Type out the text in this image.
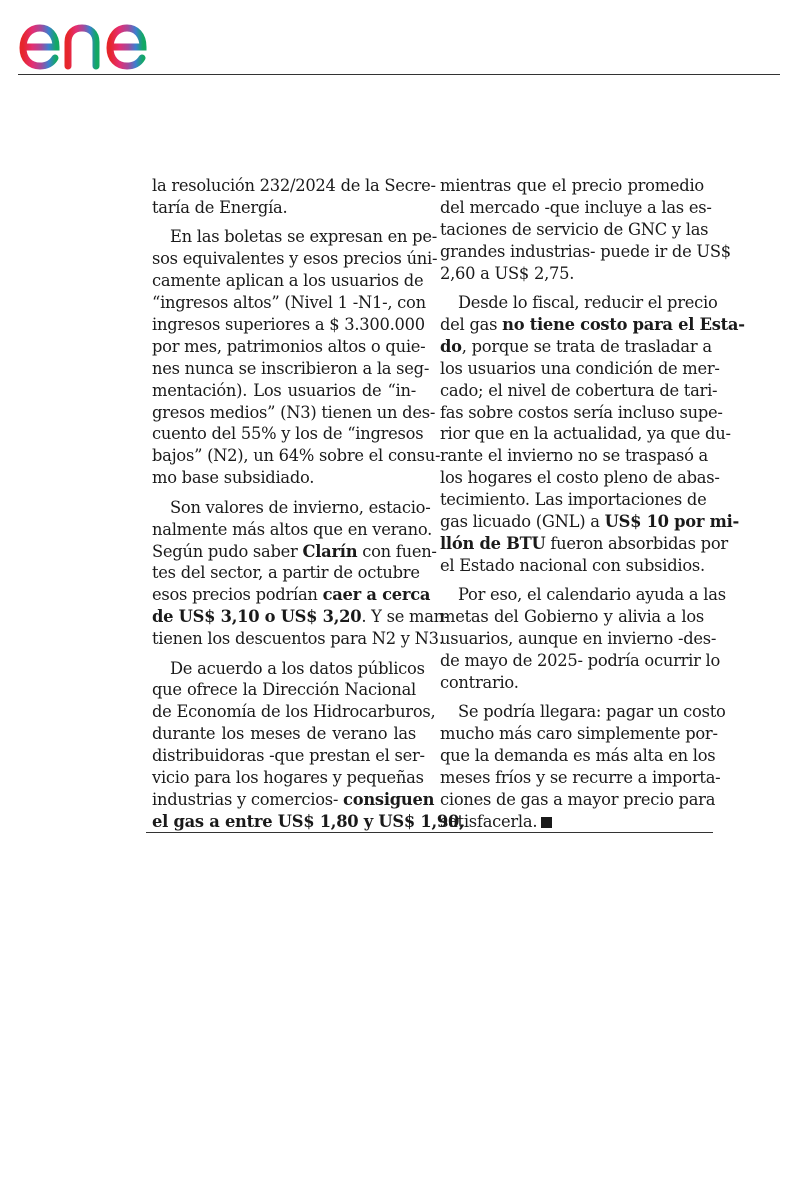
la resolución 232/2024 de la Secre-
taría de Energía.
En las boletas se expresan en pe-
sos equivalentes y esos precios úni-
camente aplican a los usuarios de
“ingresos altos” (Nivel 1 -N1-, con
ingresos superiores a $ 3.300.000
por mes, patrimonios altos o quie-
nes nunca se inscribieron a la seg-
mentación). Los usuarios de “in-
gresos medios” (N3) tienen un des-
cuento del 55% y los de “ingresos
bajos” (N2), un 64% sobre el consu-
mo base subsidiado.
Son valores de invierno, estacio-
nalmente más altos que en verano.
Según pudo saber Clarín con fuen-
tes del sector, a partir de octubre
esos precios podrían caer a cerca
de US$ 3,10 o US$ 3,20. Y se man-
tienen los descuentos para N2 y N3.
De acuerdo a los datos públicos
que ofrece la Dirección Nacional
de Economía de los Hidrocarburos,
durante los meses de verano las
distribuidoras -que prestan el ser-
vicio para los hogares y pequeñas
industrias y comercios- consiguen
el gas a entre US$ 1,80 y US$ 1,90,
mientras que el precio promedio
del mercado -que incluye a las es-
taciones de servicio de GNC y las
grandes industrias- puede ir de US$
2,60 a US$ 2,75.
Desde lo fiscal, reducir el precio
del gas no tiene costo para el Esta-
do, porque se trata de trasladar a
los usuarios una condición de mer-
cado; el nivel de cobertura de tari-
fas sobre costos sería incluso supe-
rior que en la actualidad, ya que du-
rante el invierno no se traspasó a
los hogares el costo pleno de abas-
tecimiento. Las importaciones de
gas licuado (GNL) a US$ 10 por mi-
llón de BTU fueron absorbidas por
el Estado nacional con subsidios.
Por eso, el calendario ayuda a las
metas del Gobierno y alivia a los
usuarios, aunque en invierno -des-
de mayo de 2025- podría ocurrir lo
contrario.
Se podría llegara: pagar un costo
mucho más caro simplemente por-
que la demanda es más alta en los
meses fríos y se recurre a importa-
ciones de gas a mayor precio para
satisfacerla.
